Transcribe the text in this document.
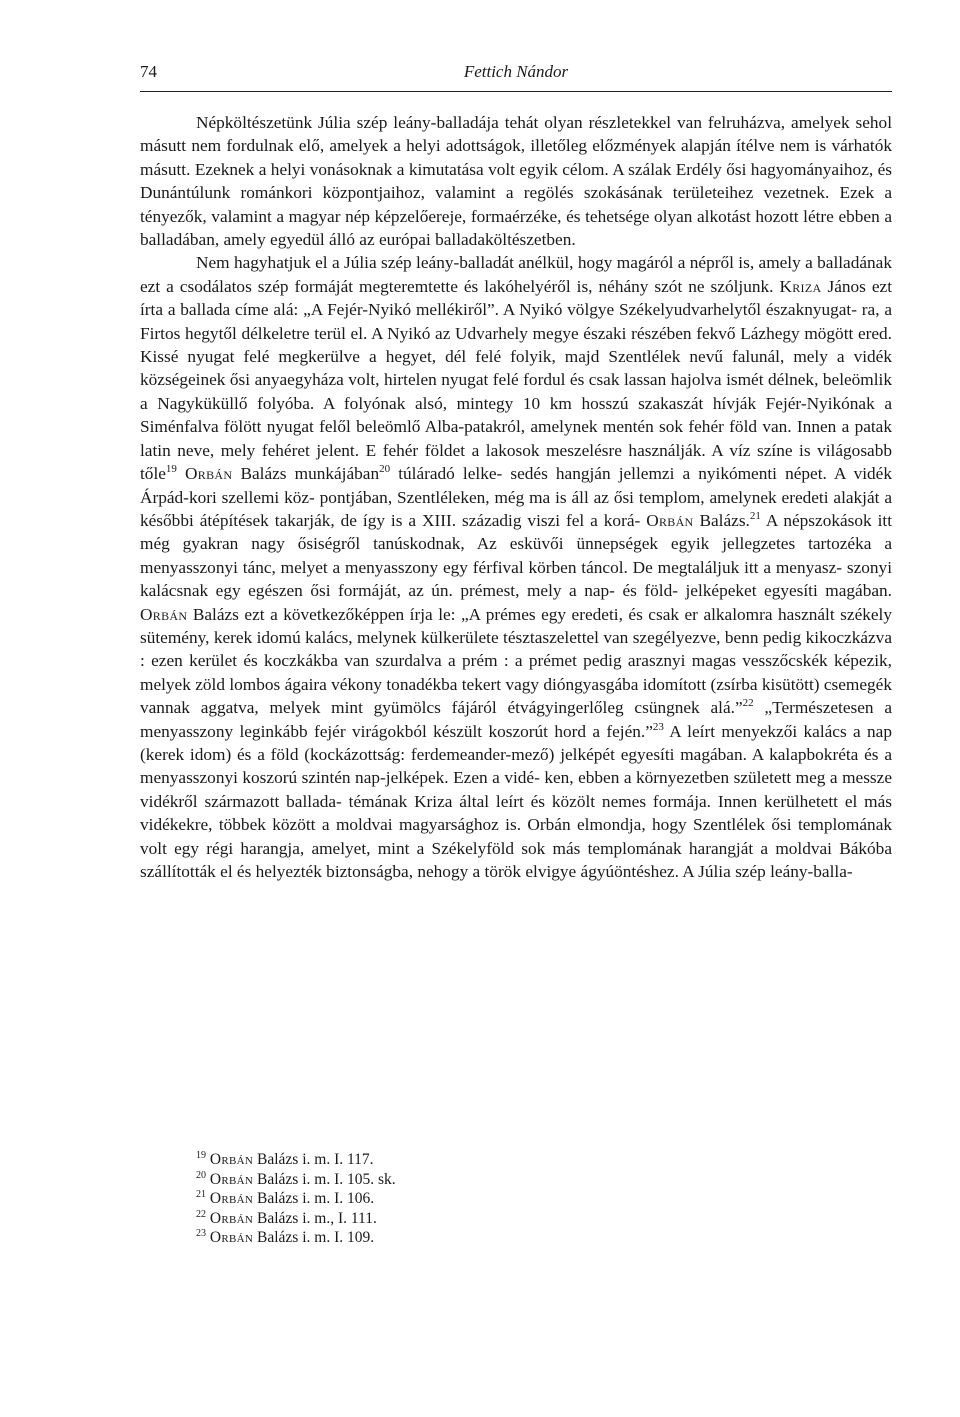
74	Fettich Nándor

Népköltészetünk Júlia szép leány-balladája tehát olyan részletekkel van felruházva, amelyek sehol másutt nem fordulnak elő, amelyek a helyi adottságok, illetőleg előzmények alapján ítélve nem is várhatók másutt. Ezeknek a helyi vonásoknak a kimutatása volt egyik célom. A szálak Erdély ősi hagyományaihoz, és Dunántúlunk románkori központjaihoz, valamint a regölés szokásának területeihez vezetnek. Ezek a tényezők, valamint a magyar nép képzelőereje, formaérzéke, és tehetsége olyan alkotást hozott létre ebben a balladában, amely egyedül álló az európai balladaköltészetben.

Nem hagyhatjuk el a Júlia szép leány-balladát anélkül, hogy magáról a népről is, amely a balladának ezt a csodálatos szép formáját megteremtette és lakóhelyéről is, néhány szót ne szóljunk. Kriza János ezt írta a ballada címe alá: „A Fejér-Nyikó mellékiről”. A Nyikó völgye Székelyudvarhelytől északnyugat- ra, a Firtos hegytől délkeletre terül el. A Nyikó az Udvarhely megye északi részében fekvő Lázhegy mögött ered. Kissé nyugat felé megkerülve a hegyet, dél felé folyik, majd Szentlélek nevű falunál, mely a vidék községeinek ősi anyaegyháza volt, hirtelen nyugat felé fordul és csak lassan hajolva ismét délnek, beleömlik a Nagyküküllő folyóba. A folyónak alsó, mintegy 10 km hosszú szakaszát hívják Fejér-Nyikónak a Siménfalva fölött nyugat felől beleömlő Alba-patakról, amelynek mentén sok fehér föld van. Innen a patak latin neve, mely fehéret jelent. E fehér földet a lakosok meszelésre használják. A víz színe is világosabb tőle$^{19}$ Orbán Balázs munkájában$^{20}$ túláradó lelke- sedés hangján jellemzi a nyikómenti népet. A vidék Árpád-kori szellemi köz- pontjában, Szentléleken, még ma is áll az ősi templom, amelynek eredeti alakját a későbbi átépítések takarják, de így is a XIII. századig viszi fel a korá- Orbán Balázs.$^{21}$ A népszokások itt még gyakran nagy ősiségről tanúskodnak, Az esküvői ünnepségek egyik jellegzetes tartozéka a menyasszonyi tánc, melyet a menyasszony egy férfival körben táncol. De megtaláljuk itt a menyasz- szonyi kalácsnak egy egészen ősi formáját, az ún. prémest, mely a nap- és föld- jelképeket egyesíti magában. Orbán Balázs ezt a következőképpen írja le: „A prémes egy eredeti, és csak er alkalomra használt székely sütemény, kerek idomú kalács, melynek külkerülete tésztaszelettel van szegélyezve, benn pedig kikoczkázva : ezen kerület és koczkákba van szurdalva a prém : a prémet pedig arasznyi magas vesszőcskék képezik, melyek zöld lombos ágaira vékony tonadékba tekert vagy dióngyasgába idomított (zsírba kisütött) csemegék vannak aggatva, melyek mint gyümölcs fájáról étvágyingerlőleg csüngnek alá.”$^{22}$ „Természetesen a menyasszony leginkább fejér virágokból készült koszorút hord a fején.”$^{23}$ A leírt menyekzői kalács a nap (kerek idom) és a föld (kockázottság: ferdemeander-mező) jelképét egyesíti magában. A kalapbokréta és a menyasszonyi koszorú szintén nap-jelképek. Ezen a vidé- ken, ebben a környezetben született meg a messze vidékről származott ballada- témának Kriza által leírt és közölt nemes formája. Innen kerülhetett el más vidékekre, többek között a moldvai magyarsághoz is. Orbán elmondja, hogy Szentlélek ősi templomának volt egy régi harangja, amelyet, mint a Székelyföld sok más templomának harangját a moldvai Bákóba szállították el és helyezték biztonságba, nehogy a török elvigye ágyúöntéshez. A Júlia szép leány-balla-

$^{19}$ Orbán Balázs i. m. I. 117.
$^{20}$ Orbán Balázs i. m. I. 105. sk.
$^{21}$ Orbán Balázs i. m. I. 106.
$^{22}$ Orbán Balázs i. m., I. 111.
$^{23}$ Orbán Balázs i. m. I. 109.
